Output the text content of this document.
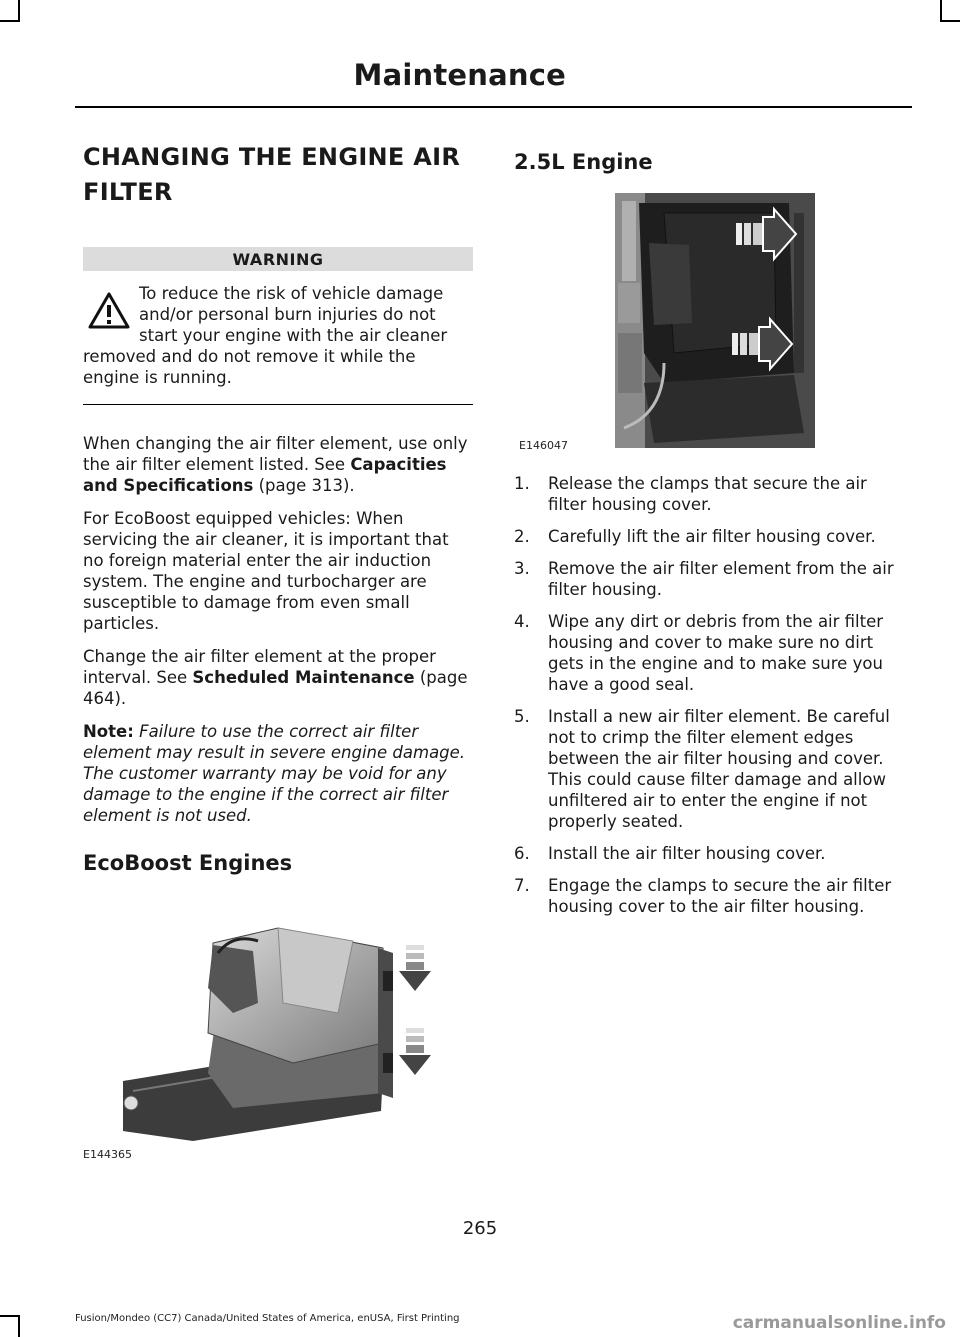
Maintenance
CHANGING THE ENGINE AIR FILTER
WARNING
To reduce the risk of vehicle damage and/or personal burn injuries do not start your engine with the air cleaner removed and do not remove it while the engine is running.

When changing the air filter element, use only the air filter element listed. See Capacities and Specifications (page 313).

For EcoBoost equipped vehicles: When servicing the air cleaner, it is important that no foreign material enter the air induction system. The engine and turbocharger are susceptible to damage from even small particles.

Change the air filter element at the proper interval. See Scheduled Maintenance (page 464).

Note: Failure to use the correct air filter element may result in severe engine damage. The customer warranty may be void for any damage to the engine if the correct air filter element is not used.

EcoBoost Engines
E144365
2.5L Engine
E146047
1. Release the clamps that secure the air filter housing cover.
2. Carefully lift the air filter housing cover.
3. Remove the air filter element from the air filter housing.
4. Wipe any dirt or debris from the air filter housing and cover to make sure no dirt gets in the engine and to make sure you have a good seal.
5. Install a new air filter element. Be careful not to crimp the filter element edges between the air filter housing and cover. This could cause filter damage and allow unfiltered air to enter the engine if not properly seated.
6. Install the air filter housing cover.
7. Engage the clamps to secure the air filter housing cover to the air filter housing.
265
Fusion/Mondeo (CC7) Canada/United States of America, enUSA, First Printing	carmanualsonline.info
